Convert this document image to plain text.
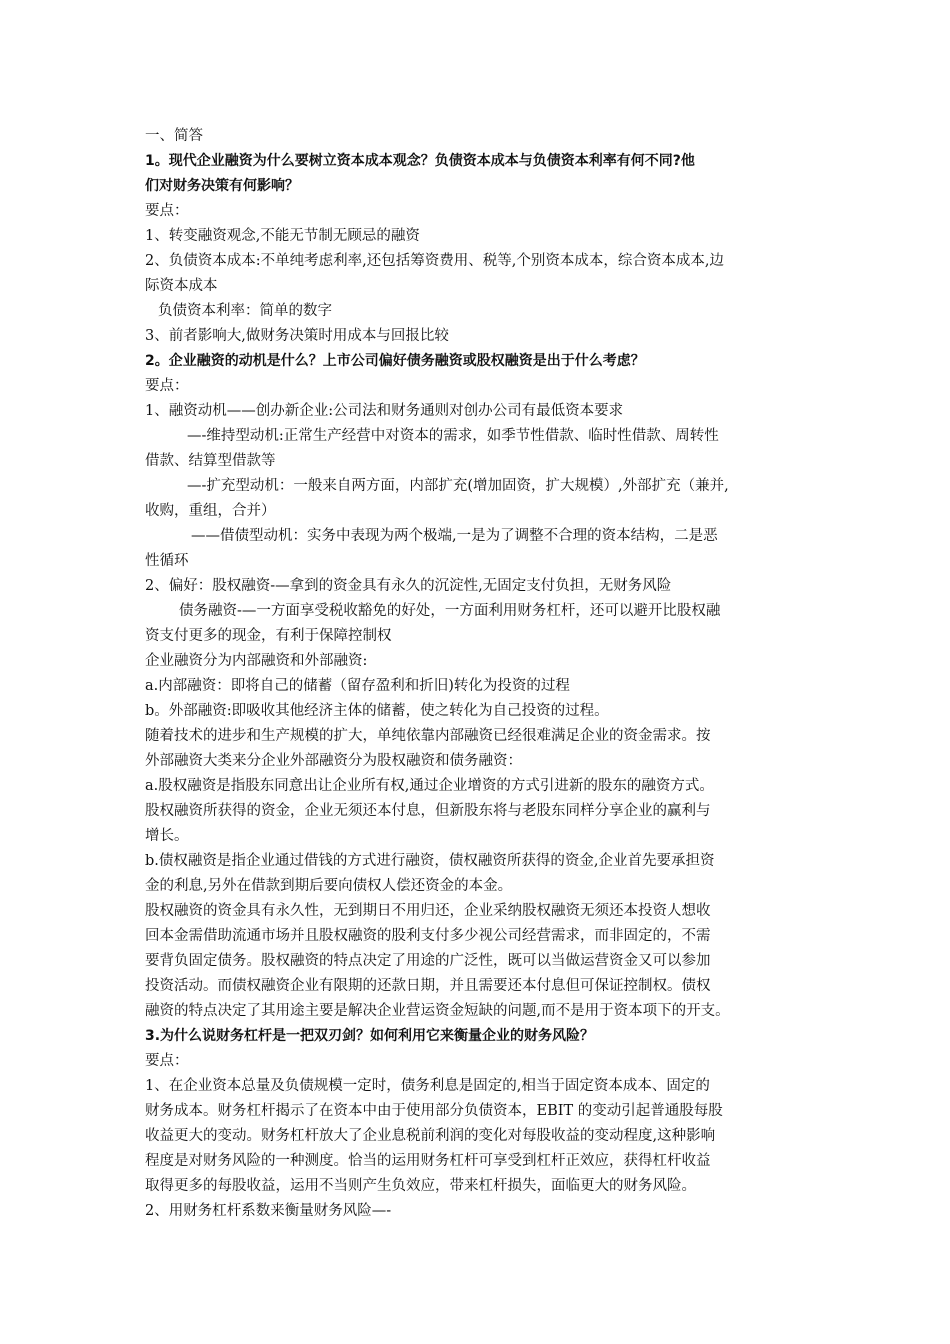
一、简答
1。现代企业融资为什么要树立资本成本观念？负债资本成本与负债资本利率有何不同?他
们对财务决策有何影响？
要点：
1、转变融资观念,不能无节制无顾忌的融资
2、负债资本成本:不单纯考虑利率,还包括筹资费用、税等,个别资本成本，综合资本成本,边
际资本成本
负债资本利率：简单的数字
3、前者影响大,做财务决策时用成本与回报比较
2。企业融资的动机是什么？上市公司偏好债务融资或股权融资是出于什么考虑？
要点：
1、融资动机——创办新企业:公司法和财务通则对创办公司有最低资本要求
—-维持型动机:正常生产经营中对资本的需求，如季节性借款、临时性借款、周转性
借款、结算型借款等
—-扩充型动机：一般来自两方面，内部扩充(增加固资，扩大规模）,外部扩充（兼并,
收购，重组，合并）
——借债型动机：实务中表现为两个极端,一是为了调整不合理的资本结构，二是恶
性循环
2、偏好：股权融资-—拿到的资金具有永久的沉淀性,无固定支付负担，无财务风险
债务融资-—一方面享受税收豁免的好处，一方面利用财务杠杆，还可以避开比股权融
资支付更多的现金，有利于保障控制权
企业融资分为内部融资和外部融资:
a.内部融资：即将自己的储蓄（留存盈利和折旧)转化为投资的过程
b。外部融资:即吸收其他经济主体的储蓄，使之转化为自己投资的过程。
随着技术的进步和生产规模的扩大，单纯依靠内部融资已经很难满足企业的资金需求。按
外部融资大类来分企业外部融资分为股权融资和债务融资：
a.股权融资是指股东同意出让企业所有权,通过企业增资的方式引进新的股东的融资方式。
股权融资所获得的资金，企业无须还本付息，但新股东将与老股东同样分享企业的赢利与
增长。
b.债权融资是指企业通过借钱的方式进行融资，债权融资所获得的资金,企业首先要承担资
金的利息,另外在借款到期后要向债权人偿还资金的本金。
股权融资的资金具有永久性，无到期日不用归还，企业采纳股权融资无须还本投资人想收
回本金需借助流通市场并且股权融资的股利支付多少视公司经营需求，而非固定的，不需
要背负固定债务。股权融资的特点决定了用途的广泛性，既可以当做运营资金又可以参加
投资活动。而债权融资企业有限期的还款日期，并且需要还本付息但可保证控制权。债权
融资的特点决定了其用途主要是解决企业营运资金短缺的问题,而不是用于资本项下的开支。
3.为什么说财务杠杆是一把双刃剑？如何利用它来衡量企业的财务风险？
要点：
1、在企业资本总量及负债规模一定时，债务利息是固定的,相当于固定资本成本、固定的
财务成本。财务杠杆揭示了在资本中由于使用部分负债资本，EBIT 的变动引起普通股每股
收益更大的变动。财务杠杆放大了企业息税前利润的变化对每股收益的变动程度,这种影响
程度是对财务风险的一种测度。恰当的运用财务杠杆可享受到杠杆正效应，获得杠杆收益
取得更多的每股收益，运用不当则产生负效应，带来杠杆损失，面临更大的财务风险。
2、用财务杠杆系数来衡量财务风险—-
